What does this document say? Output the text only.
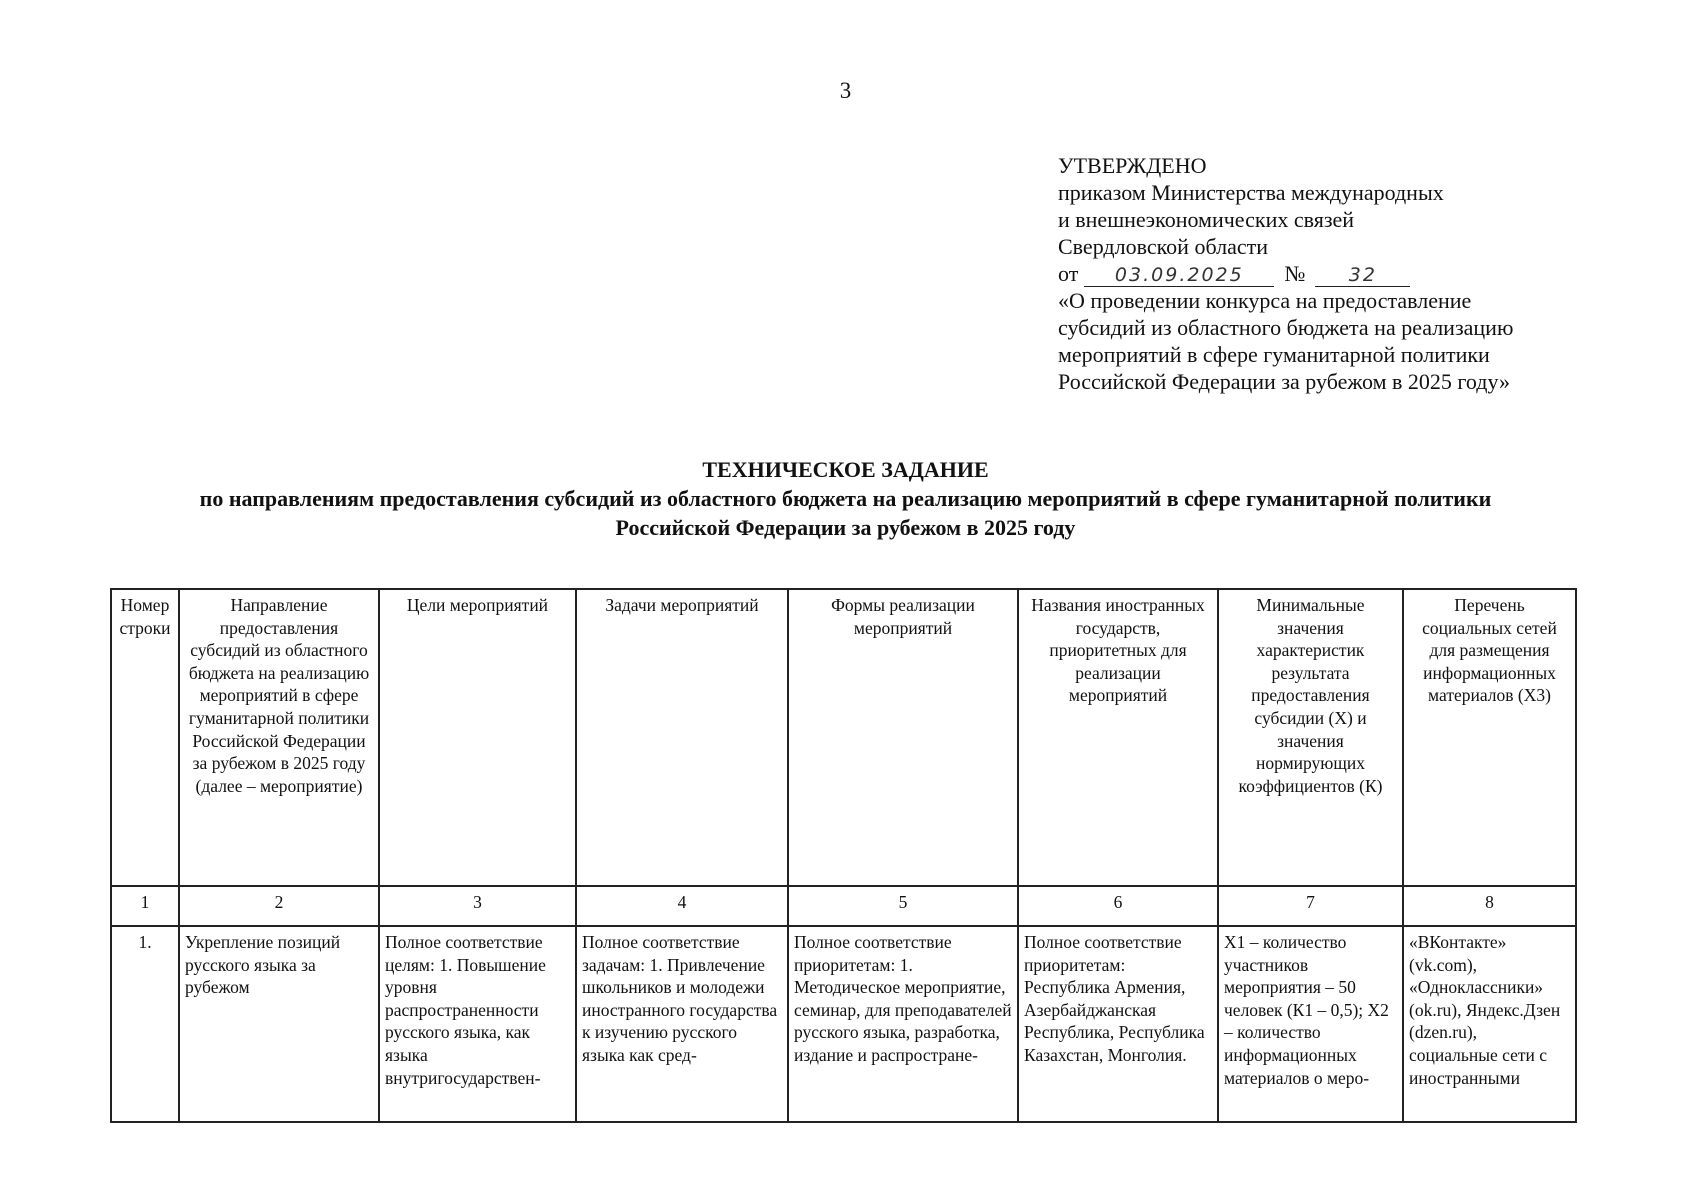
3
УТВЕРЖДЕНО
приказом Министерства международных
и внешнеэкономических связей
Свердловской области
от 03.09.2025 № 32
«О проведении конкурса на предоставление
субсидий из областного бюджета на реализацию
мероприятий в сфере гуманитарной политики
Российской Федерации за рубежом в 2025 году»
ТЕХНИЧЕСКОЕ ЗАДАНИЕ
по направлениям предоставления субсидий из областного бюджета на реализацию мероприятий в сфере гуманитарной политики
Российской Федерации за рубежом в 2025 году
Номер строки	Направление предоставления субсидий из областного бюджета на реализацию мероприятий в сфере гуманитарной политики Российской Федерации за рубежом в 2025 году (далее – мероприятие)	Цели мероприятий	Задачи мероприятий	Формы реализации мероприятий	Названия иностранных государств, приоритетных для реализации мероприятий	Минимальные значения характеристик результата предоставления субсидии (Х) и значения нормирующих коэффициентов (К)	Перечень социальных сетей для размещения информационных материалов (Х3)
1	2	3	4	5	6	7	8
1.	Укрепление позиций русского языка за рубежом	Полное соответствие целям: 1. Повышение уровня распространенности русского языка, как языка внутригосударствен-	Полное соответствие задачам: 1. Привлечение школьников и молодежи иностранного государства к изучению русского языка как сред-	Полное соответствие приоритетам: 1. Методическое мероприятие, семинар, для преподавателей русского языка, разработка, издание и распростране-	Полное соответствие приоритетам: Республика Армения, Азербайджанская Республика, Республика Казахстан, Монголия.	Х1 – количество участников мероприятия – 50 человек (К1 – 0,5); Х2 – количество информационных материалов о меро-	«ВКонтакте» (vk.com), «Одноклассники» (ok.ru), Яндекс.Дзен (dzen.ru), социальные сети с иностранными
